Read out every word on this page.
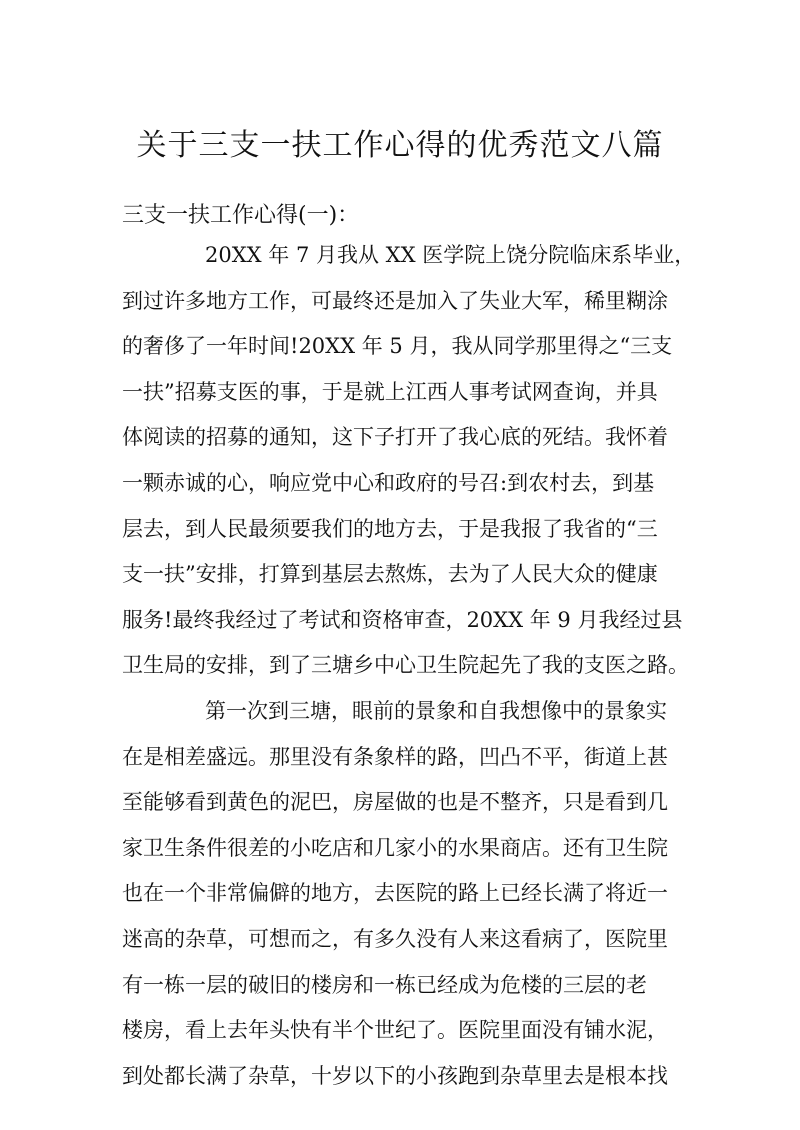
关于三支一扶工作心得的优秀范文八篇

三支一扶工作心得(一)：

20XX 年 7 月我从 XX 医学院上饶分院临床系毕业，
到过许多地方工作，可最终还是加入了失业大军，稀里糊涂
的奢侈了一年时间!20XX 年 5 月，我从同学那里得之“三支
一扶”招募支医的事，于是就上江西人事考试网查询，并具
体阅读的招募的通知，这下子打开了我心底的死结。我怀着
一颗赤诚的心，响应党中心和政府的号召:到农村去，到基
层去，到人民最须要我们的地方去，于是我报了我省的“三
支一扶”安排，打算到基层去熬炼，去为了人民大众的健康
服务!最终我经过了考试和资格审查，20XX 年 9 月我经过县
卫生局的安排，到了三塘乡中心卫生院起先了我的支医之路。
第一次到三塘，眼前的景象和自我想像中的景象实
在是相差盛远。那里没有条象样的路，凹凸不平，街道上甚
至能够看到黄色的泥巴，房屋做的也是不整齐，只是看到几
家卫生条件很差的小吃店和几家小的水果商店。还有卫生院
也在一个非常偏僻的地方，去医院的路上已经长满了将近一
迷高的杂草，可想而之，有多久没有人来这看病了，医院里
有一栋一层的破旧的楼房和一栋已经成为危楼的三层的老
楼房，看上去年头快有半个世纪了。医院里面没有铺水泥，
到处都长满了杂草，十岁以下的小孩跑到杂草里去是根本找
